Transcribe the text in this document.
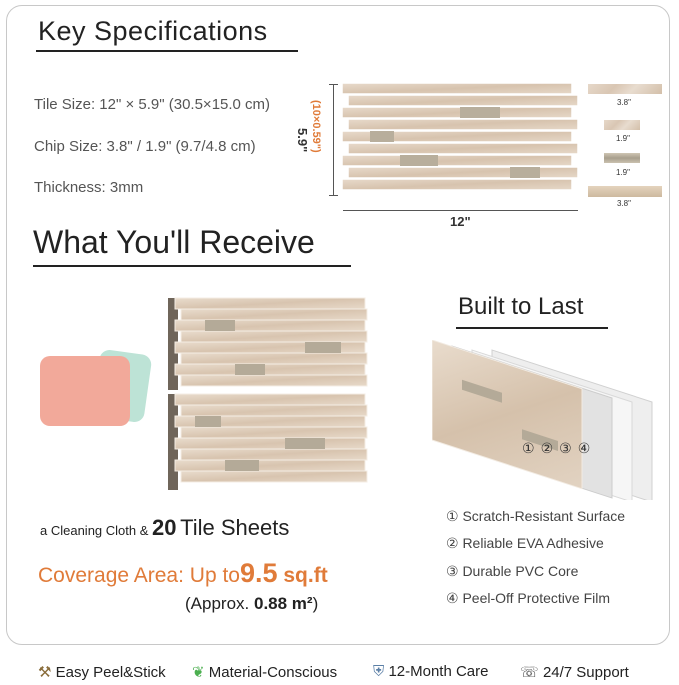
Key Specifications
Tile Size: 12" × 5.9" (30.5×15.0 cm)
Chip Size: 3.8" / 1.9" (9.7/4.8 cm)
Thickness: 3mm
5.9" (10×0.59")
12"
3.8"
1.9"
1.9"
3.8"
What You'll Receive
a Cleaning Cloth & 20 Tile Sheets
Coverage Area: Up to9.5 sq.ft
(Approx. 0.88 m²)
Built to Last
①②③④
① Scratch-Resistant Surface
② Reliable EVA Adhesive
③ Durable PVC Core
④ Peel-Off Protective Film
⚒ Easy Peel&Stick ❦ Material-Conscious ⛨ 12-Month Care ☏ 24/7 Support
